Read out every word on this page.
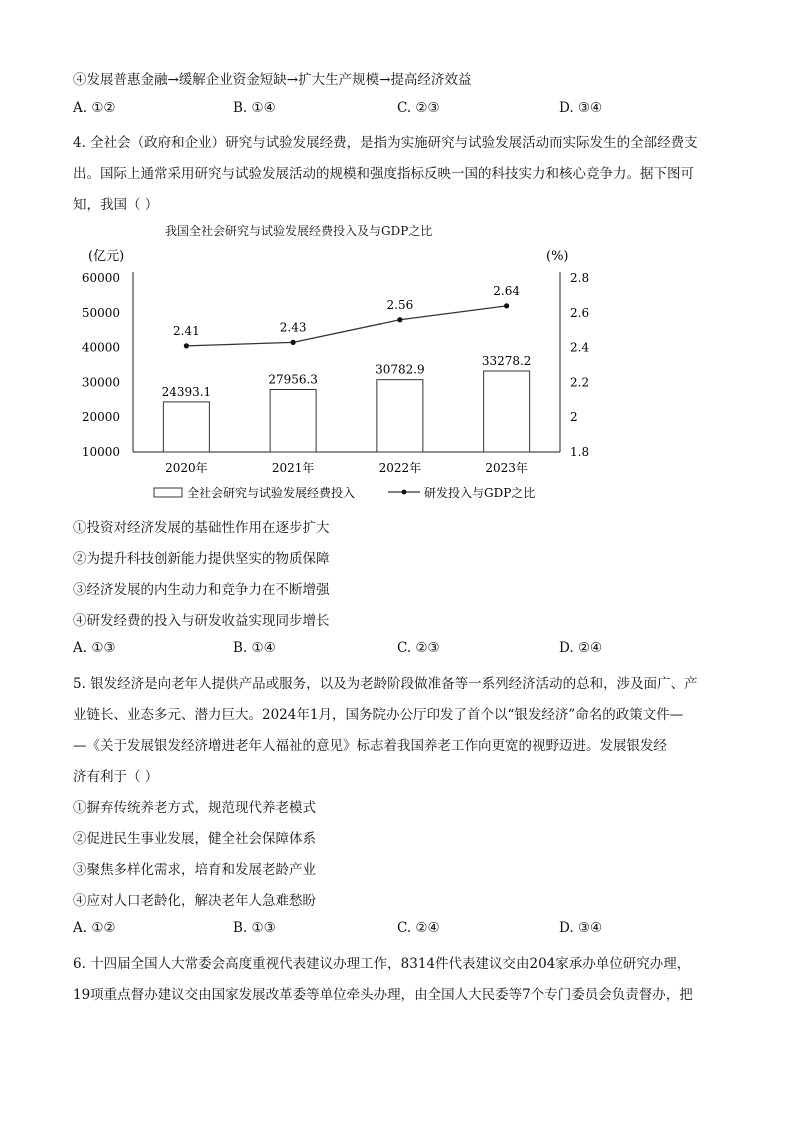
④发展普惠金融→缓解企业资金短缺→扩大生产规模→提高经济效益
A. ①②	B. ①④	C. ②③	D. ③④
4. 全社会（政府和企业）研究与试验发展经费，是指为实施研究与试验发展活动而实际发生的全部经费支
出。国际上通常采用研究与试验发展活动的规模和强度指标反映一国的科技实力和核心竞争力。据下图可
知，我国（ ）
我国全社会研究与试验发展经费投入及与GDP之比
(亿元)	(%)
60000
50000
40000
30000
20000
10000
2.8
2.6
2.4
2.2
2
1.8
2020年
24393.1
2021年
27956.3
2022年
30782.9
2023年
33278.2
2.41	2.43
2.56
2.64
全社会研究与试验发展经费投入	研发投入与GDP之比
①投资对经济发展的基础性作用在逐步扩大
②为提升科技创新能力提供坚实的物质保障
③经济发展的内生动力和竞争力在不断增强
④研发经费的投入与研发收益实现同步增长
A. ①③	B. ①④	C. ②③	D. ②④
5. 银发经济是向老年人提供产品或服务，以及为老龄阶段做准备等一系列经济活动的总和，涉及面广、产
业链长、业态多元、潜力巨大。2024年1月，国务院办公厅印发了首个以“银发经济”命名的政策文件—
—《关于发展银发经济增进老年人福祉的意见》标志着我国养老工作向更宽的视野迈进。发展银发经
济有利于（ ）
①摒弃传统养老方式，规范现代养老模式
②促进民生事业发展，健全社会保障体系
③聚焦多样化需求，培育和发展老龄产业
④应对人口老龄化，解决老年人急难愁盼
A. ①②	B. ①③	C. ②④	D. ③④
6. 十四届全国人大常委会高度重视代表建议办理工作，8314件代表建议交由204家承办单位研究办理，
19项重点督办建议交由国家发展改革委等单位牵头办理，由全国人大民委等7个专门委员会负责督办，把
